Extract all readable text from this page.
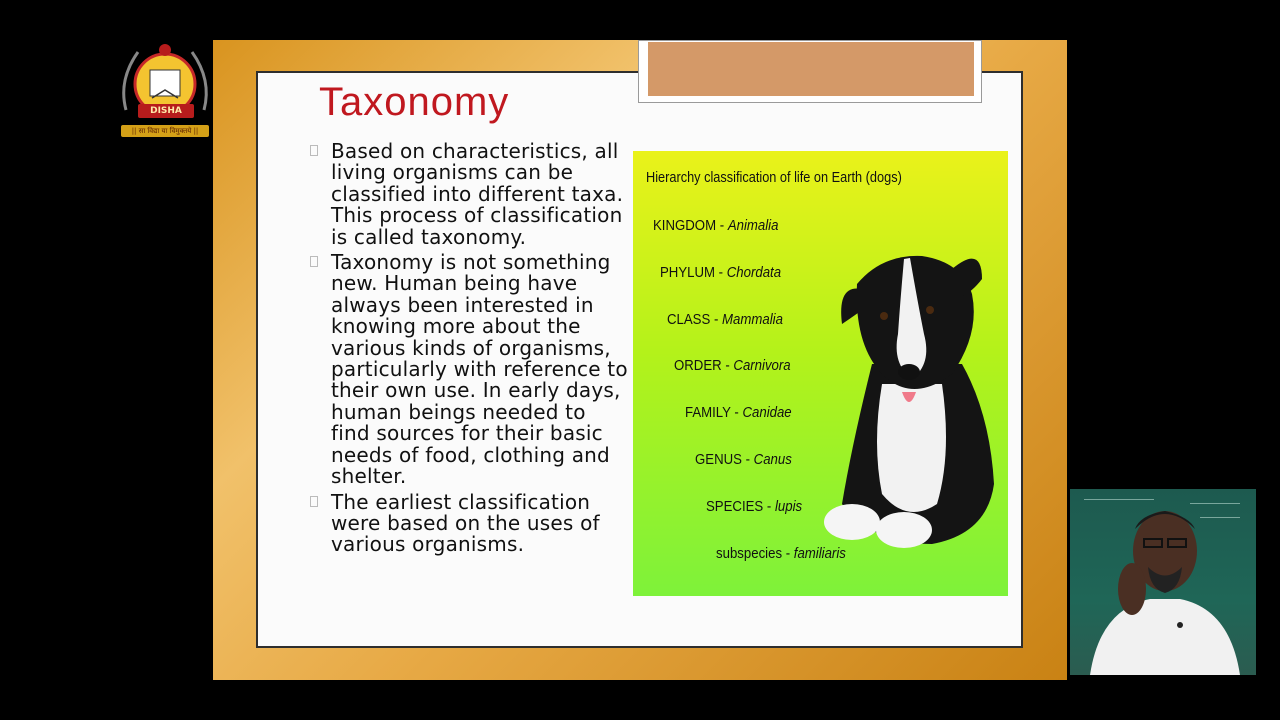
DISHA
|| सा विद्या या विमुक्तये ||
Taxonomy
Based on characteristics, all living organisms can be classified into different taxa. This process of classification is called taxonomy.
Taxonomy is not something new. Human being have always been interested in knowing more about the various kinds of organisms, particularly with reference to their own use. In early days, human beings needed to find sources for their basic needs of food, clothing and shelter.
The earliest classification were based on the uses of various organisms.
Hierarchy classification of life on Earth (dogs)
KINGDOM - Animalia
PHYLUM - Chordata
CLASS - Mammalia
ORDER - Carnivora
FAMILY - Canidae
GENUS - Canus
SPECIES - lupis
subspecies - familiaris
